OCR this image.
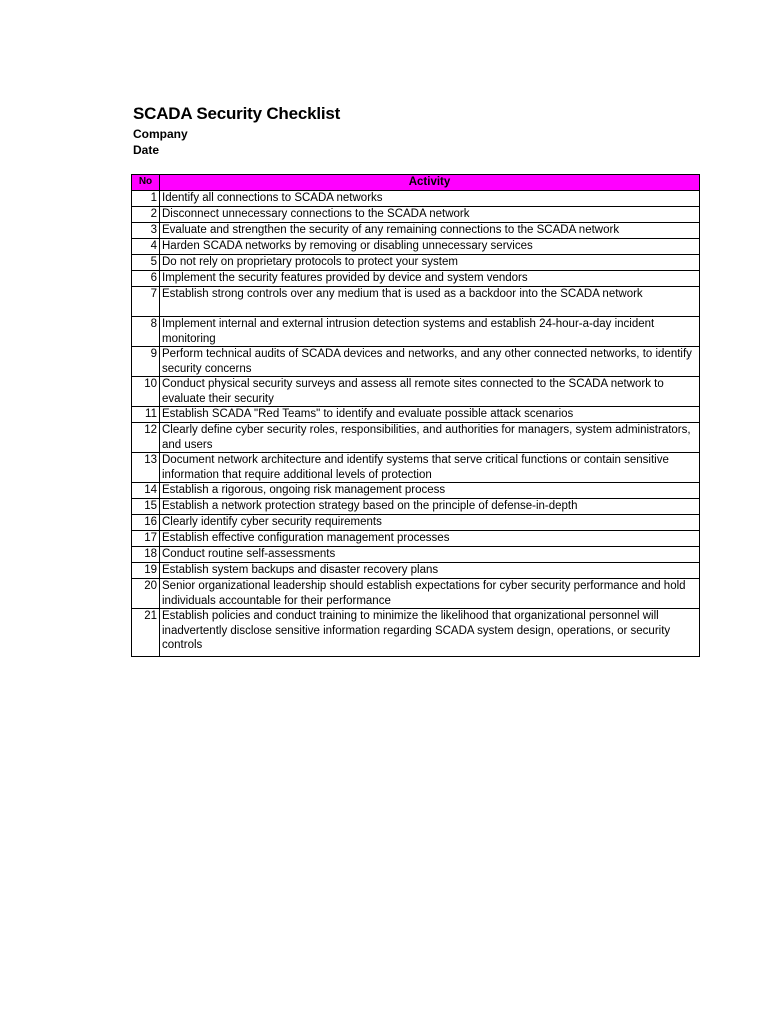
SCADA Security Checklist
Company
Date
No	Activity
1	Identify all connections to SCADA networks
2	Disconnect unnecessary connections to the SCADA network
3	Evaluate and strengthen the security of any remaining connections to the SCADA network
4	Harden SCADA networks by removing or disabling unnecessary services
5	Do not rely on proprietary protocols to protect your system
6	Implement the security features provided by device and system vendors
7	Establish strong controls over any medium that is used as a backdoor into the SCADA network
8	Implement internal and external intrusion detection systems and establish 24-hour-a-day incident monitoring
9	Perform technical audits of SCADA devices and networks, and any other connected networks, to identify security concerns
10	Conduct physical security surveys and assess all remote sites connected to the SCADA network to evaluate their security
11	Establish SCADA "Red Teams" to identify and evaluate possible attack scenarios
12	Clearly define cyber security roles, responsibilities, and authorities for managers, system administrators, and users
13	Document network architecture and identify systems that serve critical functions or contain sensitive information that require additional levels of protection
14	Establish a rigorous, ongoing risk management process
15	Establish a network protection strategy based on the principle of defense-in-depth
16	Clearly identify cyber security requirements
17	Establish effective configuration management processes
18	Conduct routine self-assessments
19	Establish system backups and disaster recovery plans
20	Senior organizational leadership should establish expectations for cyber security performance and hold individuals accountable for their performance
21	Establish policies and conduct training to minimize the likelihood that organizational personnel will inadvertently disclose sensitive information regarding SCADA system design, operations, or security controls
